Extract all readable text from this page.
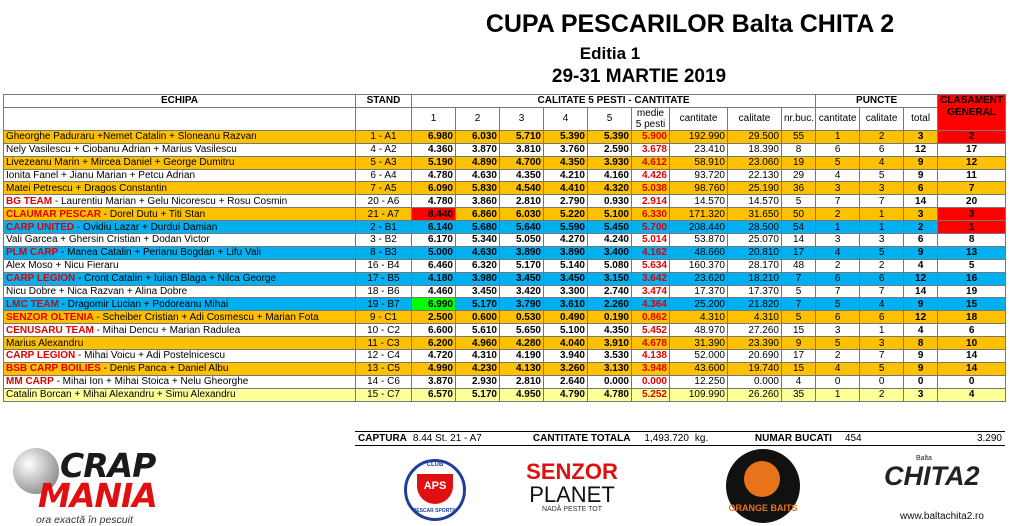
CUPA PESCARILOR Balta CHITA 2
Editia 1
29-31 MARTIE 2019
ECHIPA	STAND	CALITATE 5 PESTI - CANTITATE									PUNCTE			CLASAMENT GENERAL
		1	2	3	4	5	medie 5 pesti	cantitate	calitate	nr.buc.	cantitate	calitate	total	

Gheorghe Paduraru +Nemet Catalin + Sloneanu Razvan	1 - A1	6.980	6.030	5.710	5.390	5.390	5.900	192.990	29.500	55	1	2	3	2
Nely Vasilescu + Ciobanu Adrian + Marius Vasilescu	4 - A2	4.360	3.870	3.810	3.760	2.590	3.678	23.410	18.390	8	6	6	12	17
Livezeanu Marin + Mircea Daniel + George Dumitru	5 - A3	5.190	4.890	4.700	4.350	3.930	4.612	58.910	23.060	19	5	4	9	12
Ionita Fanel + Jianu Marian + Petcu Adrian	6 - A4	4.780	4.630	4.350	4.210	4.160	4.426	93.720	22.130	29	4	5	9	11
Matei Petrescu + Dragos Constantin	7 - A5	6.090	5.830	4.540	4.410	4.320	5.038	98.760	25.190	36	3	3	6	7
BG TEAM - Laurentiu Marian + Gelu Nicorescu + Rosu Cosmin	20 - A6	4.780	3.860	2.810	2.790	0.930	2.914	14.570	14.570	5	7	7	14	20
CLAUMAR PESCAR - Dorel Dutu + Titi Stan	21 - A7	8.440	6.860	6.030	5.220	5.100	6.330	171.320	31.650	50	2	1	3	3
CARP UNITED - Ovidiu Lazar + Durdui Damian	2 - B1	6.140	5.680	5.640	5.590	5.450	5.700	208.440	28.500	54	1	1	2	1
Vali Garcea + Ghersin Cristian + Dodan Victor	3 - B2	6.170	5.340	5.050	4.270	4.240	5.014	53.870	25.070	14	3	3	6	8
PLM CARP - Manea Catalin + Perianu Bogdan + Lifu Vali	8 - B3	5.000	4.630	3.890	3.890	3.400	4.162	48.660	20.810	17	4	5	9	13
Alex Moso + Nicu Fieraru	16 - B4	6.460	6.320	5.170	5.140	5.080	5.634	160.370	28.170	48	2	2	4	5
CARP LEGION - Cront Catalin + Iulian Blaga + Nilca George	17 - B5	4.180	3.980	3.450	3.450	3.150	3.642	23.620	18.210	7	6	6	12	16
Nicu Dobre + Nica Razvan + Alina Dobre	18 - B6	4.460	3.450	3.420	3.300	2.740	3.474	17.370	17.370	5	7	7	14	19
LMC TEAM - Dragomir Lucian + Podoreanu Mihai	19 - B7	6.990	5.170	3.790	3.610	2.260	4.364	25.200	21.820	7	5	4	9	15
SENZOR OLTENIA - Scheiber Cristian + Adi Cosmescu + Marian Fota	9 - C1	2.500	0.600	0.530	0.490	0.190	0.862	4.310	4.310	5	6	6	12	18
CENUSARU TEAM - Mihai Dencu + Marian Radulea	10 - C2	6.600	5.610	5.650	5.100	4.350	5.452	48.970	27.260	15	3	1	4	6
Marius Alexandru	11 - C3	6.200	4.960	4.280	4.040	3.910	4.678	31.390	23.390	9	5	3	8	10
CARP LEGION - Mihai Voicu + Adi Postelnicescu	12 - C4	4.720	4.310	4.190	3.940	3.530	4.138	52.000	20.690	17	2	7	9	14
BSB CARP BOILIES - Denis Panca + Daniel Albu	13 - C5	4.990	4.230	4.130	3.260	3.130	3.948	43.600	19.740	15	4	5	9	14
MM CARP - Mihai Ion + Mihai Stoica + Nelu Gheorghe	14 - C6	3.870	2.930	2.810	2.640	0.000	0.000	12.250	0.000	4	0	0	0	0
Catalin Borcan + Mihai Alexandru + Simu Alexandru	15 - C7	6.570	5.170	4.950	4.790	4.780	5.252	109.990	26.260	35	1	2	3	4
CAPTURA	8.44 St. 21 - A7	CANTITATE TOTALA	1,493.720	kg.	NUMAR BUCATI	454	3.290
CRAP
MANIA
ora exactă în pescuit
CLUB
APS
PESCAR SPORTIV
SENZOR
PLANET
NADĂ PESTE TOT	ORANGE BAITS
Balta
CHITA2
www.baltachita2.ro
